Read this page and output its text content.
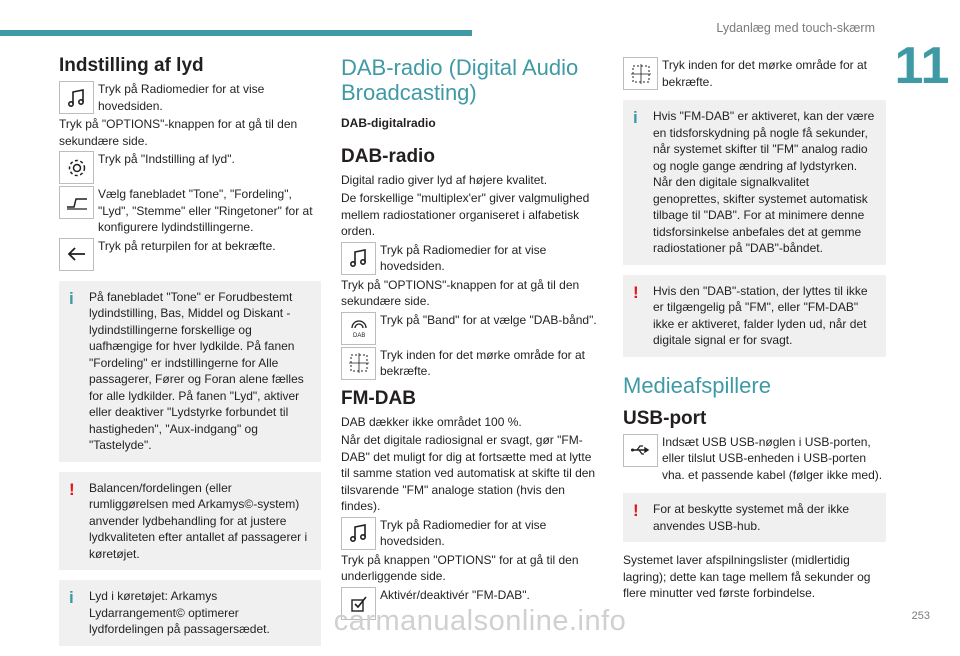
Lydanlæg med touch-skærm
11
Indstilling af lyd
Tryk på Radiomedier for at vise hovedsiden.

Tryk på "OPTIONS"-knappen for at gå til den sekundære side.

Tryk på "Indstilling af lyd".
Vælg fanebladet "Tone", "Fordeling", "Lyd", "Stemme" eller "Ringetoner" for at konfigurere lydindstillingerne.
Tryk på returpilen for at bekræfte.
i	På fanebladet "Tone" er Forudbestemt lydindstilling, Bas, Middel og Diskant -lydindstillingerne forskellige og uafhængige for hver lydkilde. På fanen "Fordeling" er indstillingerne for Alle passagerer, Fører og Foran alene fælles for alle lydkilder. På fanen "Lyd", aktiver eller deaktiver "Lydstyrke forbundet til hastigheden", "Aux-indgang" og "Tastelyde".
!	Balancen/fordelingen (eller rumliggørelsen med Arkamys©-system) anvender lydbehandling for at justere lydkvaliteten efter antallet af passagerer i køretøjet.
i	Lyd i køretøjet: Arkamys Lydarrangement© optimerer lydfordelingen på passagersædet.
DAB-radio (Digital Audio Broadcasting)
DAB-digitalradio
DAB-radio

Digital radio giver lyd af højere kvalitet.

De forskellige "multiplex'er" giver valgmulighed mellem radiostationer organiseret i alfabetisk orden.

Tryk på Radiomedier for at vise hovedsiden.

Tryk på "OPTIONS"-knappen for at gå til den sekundære side.

DAB
Tryk på "Band" for at vælge "DAB-bånd".
Tryk inden for det mørke område for at bekræfte.
FM-DAB

DAB dækker ikke området 100 %.

Når det digitale radiosignal er svagt, gør "FM-DAB" det muligt for dig at fortsætte med at lytte til samme station ved automatisk at skifte til den tilsvarende "FM" analoge station (hvis den findes).

Tryk på Radiomedier for at vise hovedsiden.

Tryk på knappen "OPTIONS" for at gå til den underliggende side.

Aktivér/deaktivér "FM-DAB".
Tryk inden for det mørke område for at bekræfte.
i	Hvis "FM-DAB" er aktiveret, kan der være en tidsforskydning på nogle få sekunder, når systemet skifter til "FM" analog radio og nogle gange ændring af lydstyrken. Når den digitale signalkvalitet genoprettes, skifter systemet automatisk tilbage til "DAB". For at minimere denne tidsforsinkelse anbefales det at gemme radiostationer på "DAB"-båndet.
!	Hvis den "DAB"-station, der lyttes til ikke er tilgængelig på "FM", eller "FM-DAB" ikke er aktiveret, falder lyden ud, når det digitale signal er for svagt.
Medieafspillere
USB-port
Indsæt USB USB-nøglen i USB-porten, eller tilslut USB-enheden i USB-porten vha. et passende kabel (følger ikke med).
!	For at beskytte systemet må der ikke anvendes USB-hub.

Systemet laver afspilningslister (midlertidig lagring); dette kan tage mellem få sekunder og flere minutter ved første forbindelse.

253
carmanualsonline.info
